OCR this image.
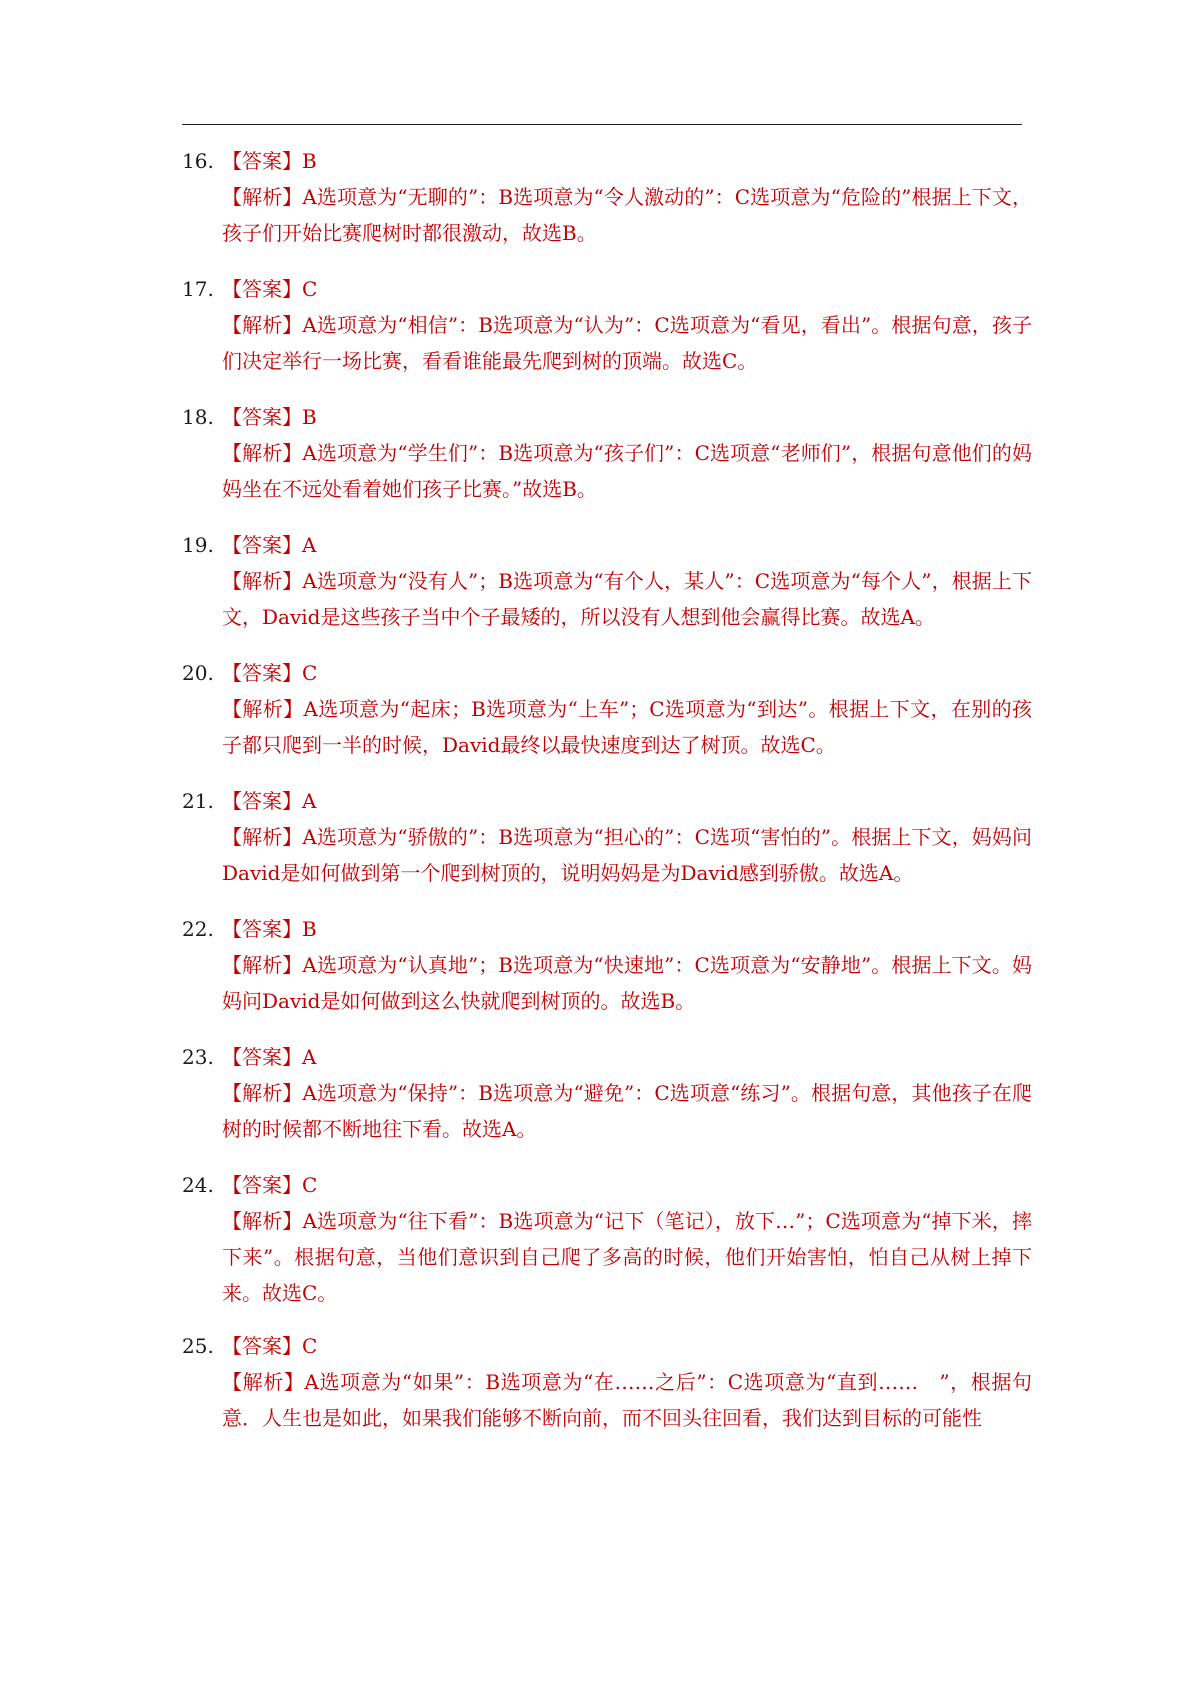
16. 【答案】B
【解析】A选项意为“无聊的”：B选项意为“令人激动的”：C选项意为“危险的”根据上下文，孩子们开始比赛爬树时都很激动，故选B。
17. 【答案】C
【解析】A选项意为“相信”：B选项意为“认为”：C选项意为“看见，看出”。根据句意，孩子们决定举行一场比赛，看看谁能最先爬到树的顶端。故选C。
18. 【答案】B
【解析】A选项意为“学生们”：B选项意为“孩子们”：C选项意“老师们”，根据句意他们的妈妈坐在不远处看着她们孩子比赛。”故选B。
19. 【答案】A
【解析】A选项意为“没有人”；B选项意为“有个人，某人”：C选项意为“每个人”，根据上下文，David是这些孩子当中个子最矮的，所以没有人想到他会赢得比赛。故选A。
20. 【答案】C
【解析】A选项意为“起床；B选项意为“上车”；C选项意为“到达”。根据上下文，在别的孩子都只爬到一半的时候，David最终以最快速度到达了树顶。故选C。
21. 【答案】A
【解析】A选项意为“骄傲的”：B选项意为“担心的”：C选项“害怕的”。根据上下文，妈妈问David是如何做到第一个爬到树顶的，说明妈妈是为David感到骄傲。故选A。
22. 【答案】B
【解析】A选项意为“认真地”；B选项意为“快速地”：C选项意为“安静地”。根据上下文。妈妈问David是如何做到这么快就爬到树顶的。故选B。
23. 【答案】A
【解析】A选项意为“保持”：B选项意为“避免”：C选项意“练习”。根据句意，其他孩子在爬树的时候都不断地往下看。故选A。
24. 【答案】C
【解析】A选项意为“往下看”：B选项意为“记下（笔记），放下…”；C选项意为“掉下米，摔下来”。根据句意，当他们意识到自己爬了多高的时候，他们开始害怕，怕自己从树上掉下来。故选C。
25. 【答案】C
【解析】A选项意为“如果”：B选项意为“在……之后”：C选项意为“直到……　”，根据句意．人生也是如此，如果我们能够不断向前，而不回头往回看，我们达到目标的可能性
